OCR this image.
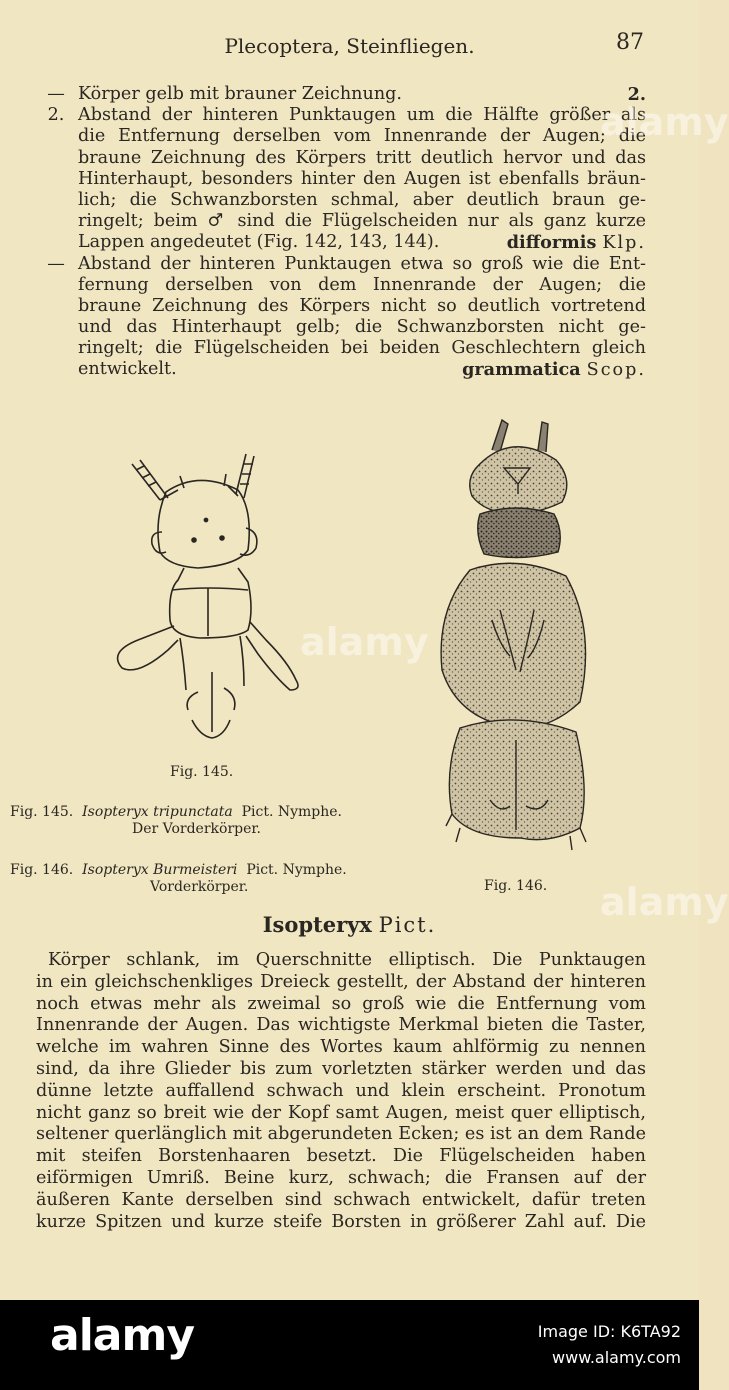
Plecoptera, Steinfliegen.	87
— Körper gelb mit brauner Zeichnung.	2.
2. Abstand der hinteren Punktaugen um die Hälfte größer als
die Entfernung derselben vom Innenrande der Augen; die
braune Zeichnung des Körpers tritt deutlich hervor und das
Hinterhaupt, besonders hinter den Augen ist ebenfalls bräun-
lich; die Schwanzborsten schmal, aber deutlich braun ge-
ringelt; beim ♂ sind die Flügelscheiden nur als ganz kurze
Lappen angedeutet (Fig. 142, 143, 144).	difformis Klp.
— Abstand der hinteren Punktaugen etwa so groß wie die Ent-
fernung derselben von dem Innenrande der Augen; die
braune Zeichnung des Körpers nicht so deutlich vortretend
und das Hinterhaupt gelb; die Schwanzborsten nicht ge-
ringelt; die Flügelscheiden bei beiden Geschlechtern gleich
entwickelt.	grammatica Scop.
Fig. 145.
Fig. 146.
Fig. 145. Isopteryx tripunctata Pict. Nymphe.
Der Vorderkörper.
Fig. 146. Isopteryx Burmeisteri Pict. Nymphe.
Vorderkörper.
Isopteryx Pict.
Körper schlank, im Querschnitte elliptisch. Die Punktaugen
in ein gleichschenkliges Dreieck gestellt, der Abstand der hinteren
noch etwas mehr als zweimal so groß wie die Entfernung vom
Innenrande der Augen. Das wichtigste Merkmal bieten die Taster,
welche im wahren Sinne des Wortes kaum ahlförmig zu nennen
sind, da ihre Glieder bis zum vorletzten stärker werden und das
dünne letzte auffallend schwach und klein erscheint. Pronotum
nicht ganz so breit wie der Kopf samt Augen, meist quer elliptisch,
seltener querlänglich mit abgerundeten Ecken; es ist an dem Rande
mit steifen Borstenhaaren besetzt. Die Flügelscheiden haben
eiförmigen Umriß. Beine kurz, schwach; die Fransen auf der
äußeren Kante derselben sind schwach entwickelt, dafür treten
kurze Spitzen und kurze steife Borsten in größerer Zahl auf. Die
alamy
alamy
alamy
alamy	Image ID: K6TA92
www.alamy.com
